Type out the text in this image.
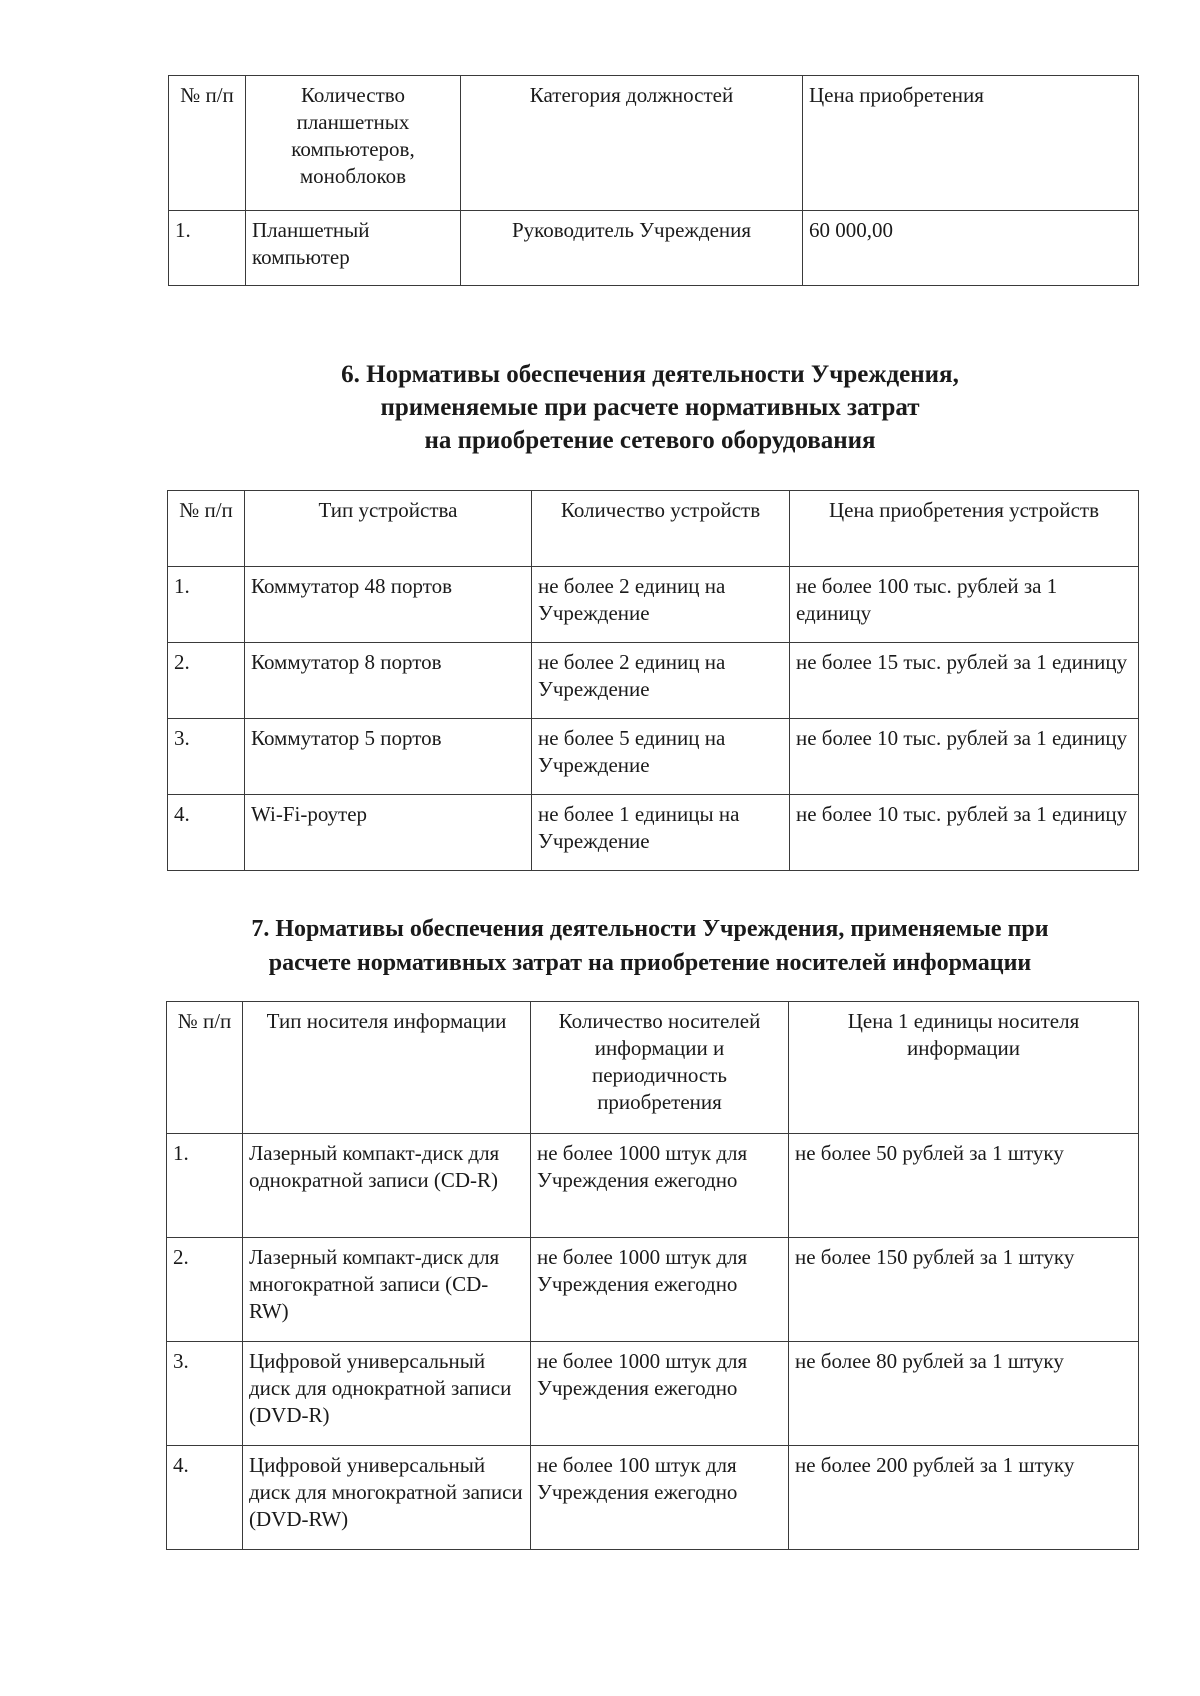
№ п/п	Количество планшетных компьютеров, моноблоков	Категория должностей	Цена приобретения
1.	Планшетный компьютер	Руководитель Учреждения	60 000,00
6. Нормативы обеспечения деятельности Учреждения,
применяемые при расчете нормативных затрат
на приобретение сетевого оборудования
№ п/п	Тип устройства	Количество устройств	Цена приобретения устройств
1.	Коммутатор 48 портов	не более 2 единиц на Учреждение	не более 100 тыс. рублей за 1 единицу
2.	Коммутатор 8 портов	не более 2 единиц на Учреждение	не более 15 тыс. рублей за 1 единицу
3.	Коммутатор 5 портов	не более 5 единиц на Учреждение	не более 10 тыс. рублей за 1 единицу
4.	Wi-Fi-роутер	не более 1 единицы на Учреждение	не более 10 тыс. рублей за 1 единицу
7. Нормативы обеспечения деятельности Учреждения, применяемые при
расчете нормативных затрат на приобретение носителей информации
№ п/п	Тип носителя информации	Количество носителей информации и периодичность приобретения	Цена 1 единицы носителя информации
1.	Лазерный компакт-диск для однократной записи (CD-R)	не более 1000 штук для Учреждения ежегодно	не более 50 рублей за 1 штуку
2.	Лазерный компакт-диск для многократной записи (CD-RW)	не более 1000 штук для Учреждения ежегодно	не более 150 рублей за 1 штуку
3.	Цифровой универсальный диск для однократной записи (DVD-R)	не более 1000 штук для Учреждения ежегодно	не более 80 рублей за 1 штуку
4.	Цифровой универсальный диск для многократной записи (DVD-RW)	не более 100 штук для Учреждения ежегодно	не более 200 рублей за 1 штуку
